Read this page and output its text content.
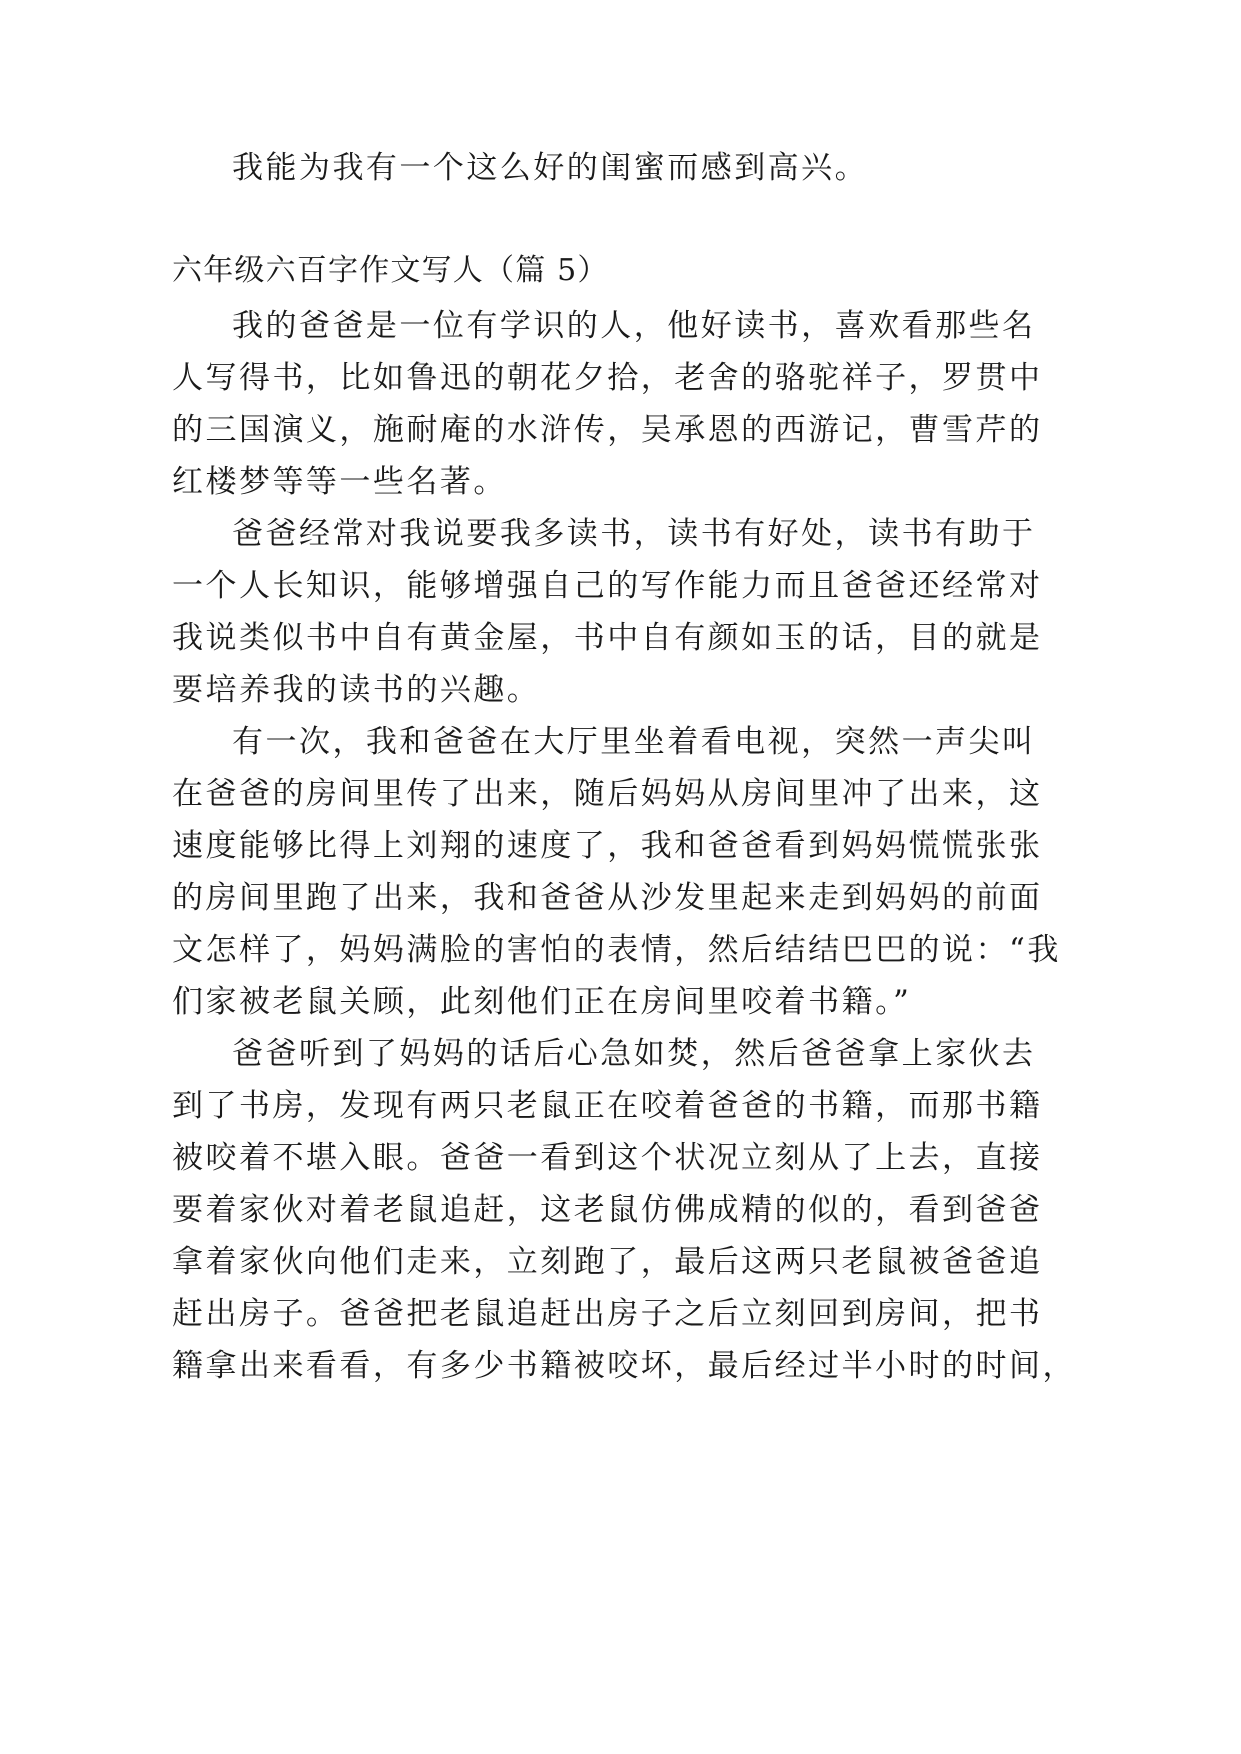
我能为我有一个这么好的闺蜜而感到高兴。
六年级六百字作文写人（篇 5）
我的爸爸是一位有学识的人，他好读书，喜欢看那些名
人写得书，比如鲁迅的朝花夕拾，老舍的骆驼祥子，罗贯中
的三国演义，施耐庵的水浒传，吴承恩的西游记，曹雪芹的
红楼梦等等一些名著。
爸爸经常对我说要我多读书，读书有好处，读书有助于
一个人长知识，能够增强自己的写作能力而且爸爸还经常对
我说类似书中自有黄金屋，书中自有颜如玉的话，目的就是
要培养我的读书的兴趣。
有一次，我和爸爸在大厅里坐着看电视，突然一声尖叫
在爸爸的房间里传了出来，随后妈妈从房间里冲了出来，这
速度能够比得上刘翔的速度了，我和爸爸看到妈妈慌慌张张
的房间里跑了出来，我和爸爸从沙发里起来走到妈妈的前面
文怎样了，妈妈满脸的害怕的表情，然后结结巴巴的说：“我
们家被老鼠关顾，此刻他们正在房间里咬着书籍。”
爸爸听到了妈妈的话后心急如焚，然后爸爸拿上家伙去
到了书房，发现有两只老鼠正在咬着爸爸的书籍，而那书籍
被咬着不堪入眼。爸爸一看到这个状况立刻从了上去，直接
要着家伙对着老鼠追赶，这老鼠仿佛成精的似的，看到爸爸
拿着家伙向他们走来，立刻跑了，最后这两只老鼠被爸爸追
赶出房子。爸爸把老鼠追赶出房子之后立刻回到房间，把书
籍拿出来看看，有多少书籍被咬坏，最后经过半小时的时间，
